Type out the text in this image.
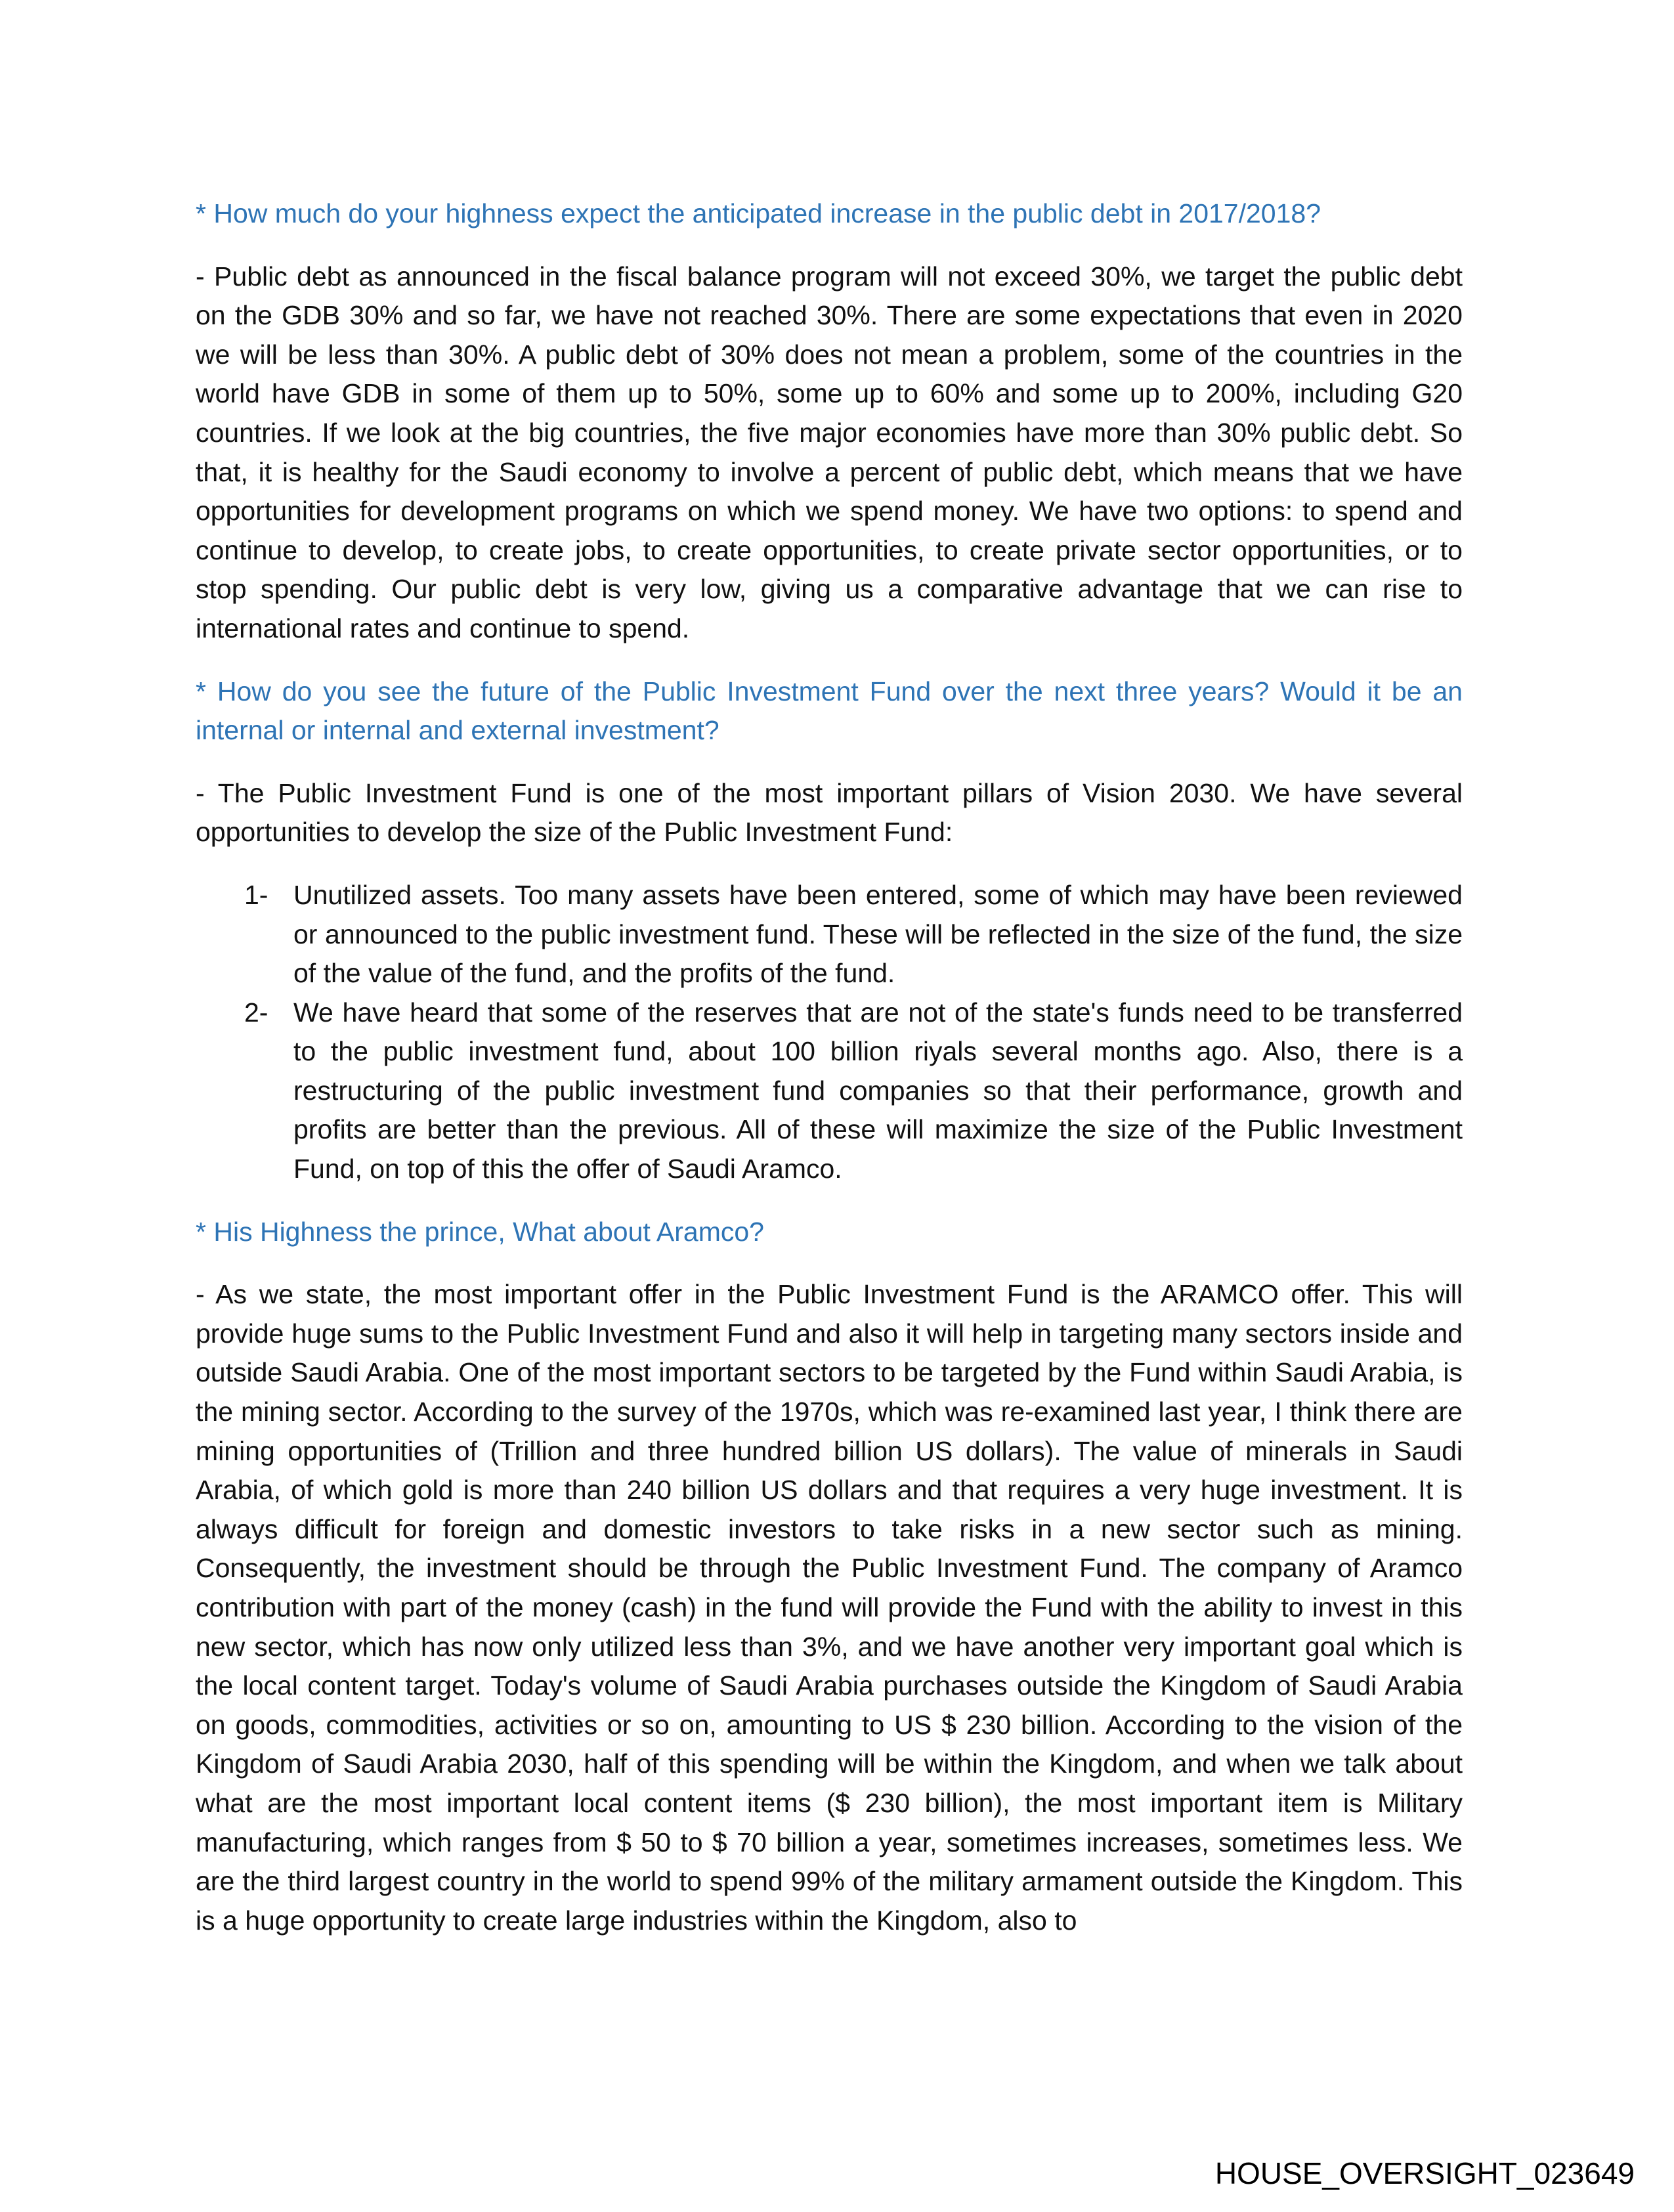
* How much do your highness expect the anticipated increase in the public debt in 2017/2018?

- Public debt as announced in the fiscal balance program will not exceed 30%, we target the public debt on the GDB 30% and so far, we have not reached 30%. There are some expectations that even in 2020 we will be less than 30%. A public debt of 30% does not mean a problem, some of the countries in the world have GDB in some of them up to 50%, some up to 60% and some up to 200%, including G20 countries. If we look at the big countries, the five major economies have more than 30% public debt. So that, it is healthy for the Saudi economy to involve a percent of public debt, which means that we have opportunities for development programs on which we spend money. We have two options: to spend and continue to develop, to create jobs, to create opportunities, to create private sector opportunities, or to stop spending. Our public debt is very low, giving us a comparative advantage that we can rise to international rates and continue to spend.

* How do you see the future of the Public Investment Fund over the next three years? Would it be an internal or internal and external investment?

- The Public Investment Fund is one of the most important pillars of Vision 2030. We have several opportunities to develop the size of the Public Investment Fund:

1- Unutilized assets. Too many assets have been entered, some of which may have been reviewed or announced to the public investment fund. These will be reflected in the size of the fund, the size of the value of the fund, and the profits of the fund.
2- We have heard that some of the reserves that are not of the state's funds need to be transferred to the public investment fund, about 100 billion riyals several months ago. Also, there is a restructuring of the public investment fund companies so that their performance, growth and profits are better than the previous. All of these will maximize the size of the Public Investment Fund, on top of this the offer of Saudi Aramco.

* His Highness the prince, What about Aramco?

- As we state, the most important offer in the Public Investment Fund is the ARAMCO offer. This will provide huge sums to the Public Investment Fund and also it will help in targeting many sectors inside and outside Saudi Arabia. One of the most important sectors to be targeted by the Fund within Saudi Arabia, is the mining sector. According to the survey of the 1970s, which was re-examined last year, I think there are mining opportunities of (Trillion and three hundred billion US dollars). The value of minerals in Saudi Arabia, of which gold is more than 240 billion US dollars and that requires a very huge investment. It is always difficult for foreign and domestic investors to take risks in a new sector such as mining. Consequently, the investment should be through the Public Investment Fund. The company of Aramco contribution with part of the money (cash) in the fund will provide the Fund with the ability to invest in this new sector, which has now only utilized less than 3%, and we have another very important goal which is the local content target. Today's volume of Saudi Arabia purchases outside the Kingdom of Saudi Arabia on goods, commodities, activities or so on, amounting to US $ 230 billion. According to the vision of the Kingdom of Saudi Arabia 2030, half of this spending will be within the Kingdom, and when we talk about what are the most important local content items ($ 230 billion), the most important item is Military manufacturing, which ranges from $ 50 to $ 70 billion a year, sometimes increases, sometimes less. We are the third largest country in the world to spend 99% of the military armament outside the Kingdom. This is a huge opportunity to create large industries within the Kingdom, also to

HOUSE_OVERSIGHT_023649
